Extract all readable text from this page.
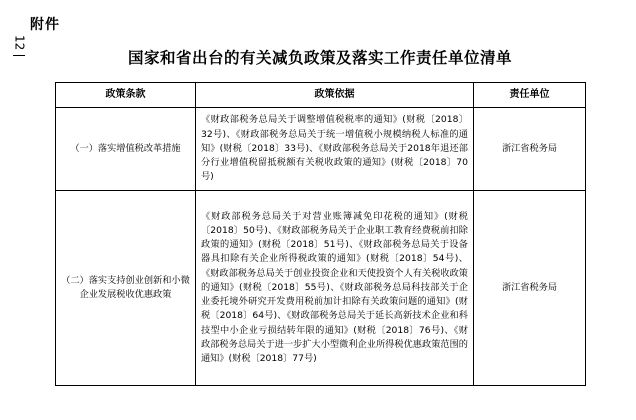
附件
12
国家和省出台的有关减负政策及落实工作责任单位清单
政策条款	政策依据	责任单位
（一）落实增值税改革措施	《财政部税务总局关于调整增值税税率的通知》(财税〔2018〕32号)、《财政部税务总局关于统一增值税小规模纳税人标准的通知》(财税〔2018〕33号)、《财政部税务总局关于2018年退还部分行业增值税留抵税额有关税收政策的通知》(财税〔2018〕70号)	浙江省税务局
（二）落实支持创业创新和小微企业发展税收优惠政策	《财政部税务总局关于对营业账簿减免印花税的通知》(财税〔2018〕50号)、《财政部税务局关于企业职工教育经费税前扣除政策的通知》(财税〔2018〕51号)、《财政部税务总局关于设备器具扣除有关企业所得税政策的通知》(财税〔2018〕54号)、《财政部税务总局关于创业投资企业和天使投资个人有关税收政策的通知》(财税〔2018〕55号)、《财政部税务总局科技部关于企业委托境外研究开发费用税前加计扣除有关政策问题的通知》(财税〔2018〕64号)、《财政部税务总局关于延长高新技术企业和科技型中小企业亏损结转年限的通知》(财税〔2018〕76号)、《财政部税务总局关于进一步扩大小型微利企业所得税优惠政策范围的通知》(财税〔2018〕77号)	浙江省税务局
